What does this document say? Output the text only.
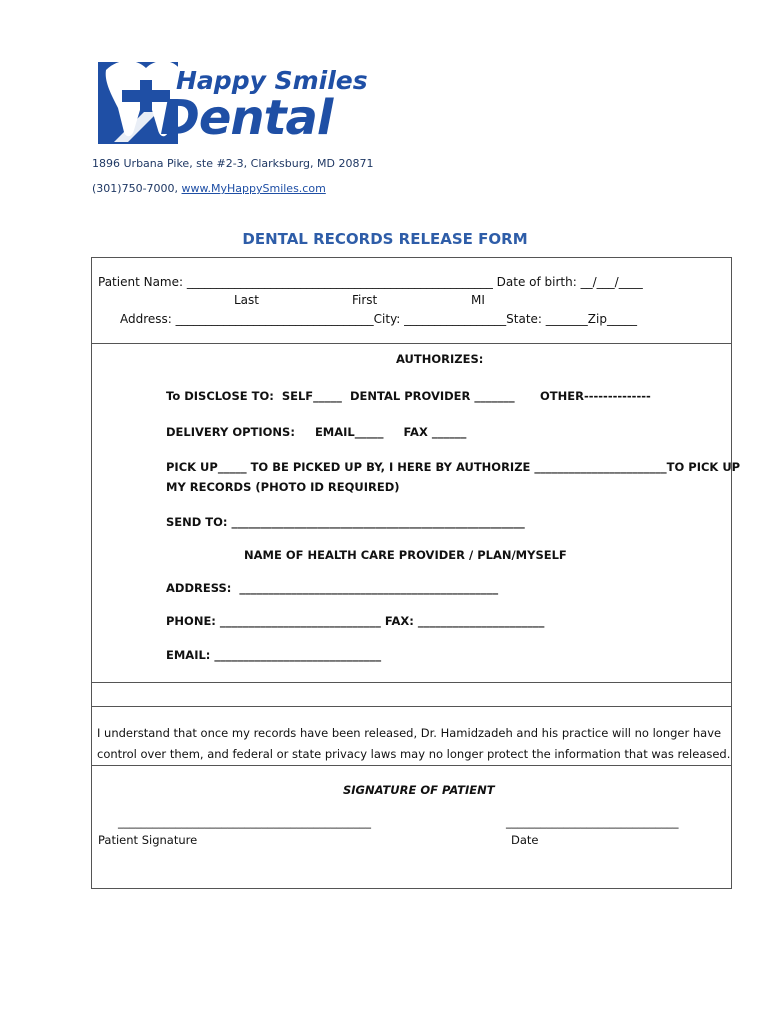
Happy Smiles
Dental
1896 Urbana Pike, ste #2-3, Clarksburg, MD 20871
(301)750-7000, www.MyHappySmiles.com
DENTAL RECORDS RELEASE FORM
Patient Name: ___________________________________________________ Date of birth: __/___/____
Last	First	MI
Address: _________________________________City: _________________State: _______Zip_____
AUTHORIZES:
To DISCLOSE TO:  SELF_____ DENTAL PROVIDER _______ OTHER--------------
DELIVERY OPTIONS:     EMAIL_____     FAX ______
PICK UP_____ TO BE PICKED UP BY, I HERE BY AUTHORIZE _______________________TO PICK UP
MY RECORDS (PHOTO ID REQUIRED)
SEND TO: ___________________________________________________
NAME OF HEALTH CARE PROVIDER / PLAN/MYSELF
ADDRESS:  _____________________________________________
PHONE: ____________________________ FAX: ______________________
EMAIL: _____________________________
I understand that once my records have been released, Dr. Hamidzadeh and his practice will no longer have
control over them, and federal or state privacy laws may no longer protect the information that was released.
SIGNATURE OF PATIENT
____________________________________________
Patient Signature
______________________________
Date
